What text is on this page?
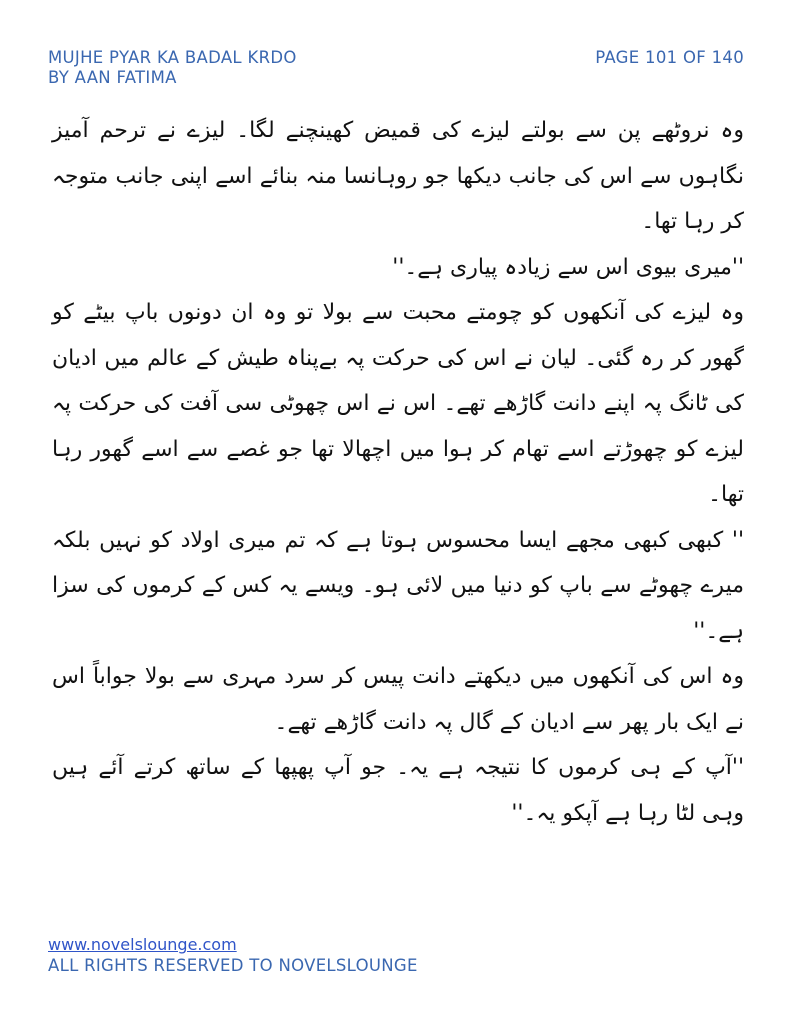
MUJHE PYAR KA BADAL KRDO
BY AAN FATIMA
PAGE 101 OF 140

وہ نروٹھے پن سے بولتے لیزے کی قمیض کھینچنے لگا۔ لیزے نے ترحم آمیز نگاہوں سے اس کی جانب دیکھا جو روہانسا منہ بنائے اسے اپنی جانب متوجہ کر رہا تھا۔

''میری بیوی اس سے زیادہ پیاری ہے۔''

وہ لیزے کی آنکھوں کو چومتے محبت سے بولا تو وہ ان دونوں باپ بیٹے کو گھور کر رہ گئی۔ لیان نے اس کی حرکت پہ بےپناہ طیش کے عالم میں ادیان کی ٹانگ پہ اپنے دانت گاڑھے تھے۔ اس نے اس چھوٹی سی آفت کی حرکت پہ لیزے کو چھوڑتے اسے تھام کر ہوا میں اچھالا تھا جو غصے سے اسے گھور رہا تھا۔

'' کبھی کبھی مجھے ایسا محسوس ہوتا ہے کہ تم میری اولاد کو نہیں بلکہ میرے چھوٹے سے باپ کو دنیا میں لائی ہو۔ ویسے یہ کس کے کرموں کی سزا ہے۔''

وہ اس کی آنکھوں میں دیکھتے دانت پیس کر سرد مہری سے بولا جواباً اس نے ایک بار پھر سے ادیان کے گال پہ دانت گاڑھے تھے۔

''آپ کے ہی کرموں کا نتیجہ ہے یہ۔ جو آپ پھپھا کے ساتھ کرتے آئے ہیں وہی لٹا رہا ہے آپکو یہ۔''

www.novelslounge.com
ALL RIGHTS RESERVED TO NOVELSLOUNGE
